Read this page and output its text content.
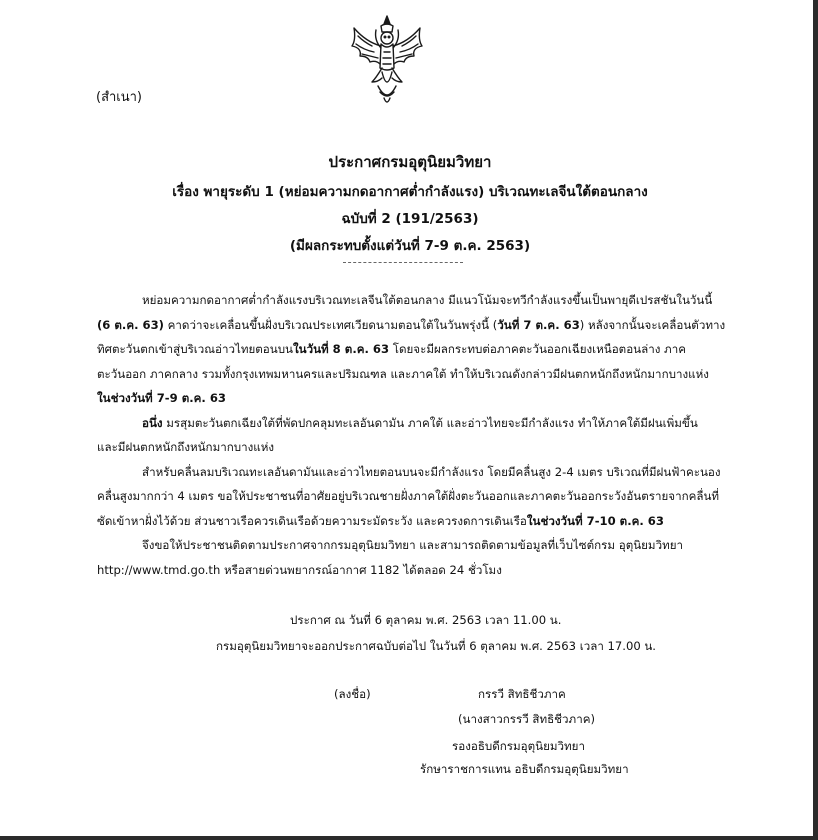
(สำเนา)
ประกาศกรมอุตุนิยมวิทยา
เรื่อง พายุระดับ 1 (หย่อมความกดอากาศต่ำกำลังแรง) บริเวณทะเลจีนใต้ตอนกลาง
ฉบับที่ 2 (191/2563)
(มีผลกระทบตั้งแต่วันที่ 7-9 ต.ค. 2563)

หย่อมความกดอากาศต่ำกำลังแรงบริเวณทะเลจีนใต้ตอนกลาง มีแนวโน้มจะทวีกำลังแรงขึ้นเป็นพายุดีเปรสชันในวันนี้
(6 ต.ค. 63) คาดว่าจะเคลื่อนขึ้นฝั่งบริเวณประเทศเวียดนามตอนใต้ในวันพรุ่งนี้ (วันที่ 7 ต.ค. 63) หลังจากนั้นจะเคลื่อนตัวทาง
ทิศตะวันตกเข้าสู่บริเวณอ่าวไทยตอนบนในวันที่ 8 ต.ค. 63 โดยจะมีผลกระทบต่อภาคตะวันออกเฉียงเหนือตอนล่าง ภาค
ตะวันออก ภาคกลาง รวมทั้งกรุงเทพมหานครและปริมณฑล และภาคใต้ ทำให้บริเวณดังกล่าวมีฝนตกหนักถึงหนักมากบางแห่ง
ในช่วงวันที่ 7-9 ต.ค. 63

อนึ่ง มรสุมตะวันตกเฉียงใต้ที่พัดปกคลุมทะเลอันดามัน ภาคใต้ และอ่าวไทยจะมีกำลังแรง ทำให้ภาคใต้มีฝนเพิ่มขึ้น
และมีฝนตกหนักถึงหนักมากบางแห่ง

สำหรับคลื่นลมบริเวณทะเลอันดามันและอ่าวไทยตอนบนจะมีกำลังแรง โดยมีคลื่นสูง 2-4 เมตร บริเวณที่มีฝนฟ้าคะนอง
คลื่นสูงมากกว่า 4 เมตร ขอให้ประชาชนที่อาศัยอยู่บริเวณชายฝั่งภาคใต้ฝั่งตะวันออกและภาคตะวันออกระวังอันตรายจากคลื่นที่
ซัดเข้าหาฝั่งไว้ด้วย ส่วนชาวเรือควรเดินเรือด้วยความระมัดระวัง และควรงดการเดินเรือในช่วงวันที่ 7-10 ต.ค. 63

จึงขอให้ประชาชนติดตามประกาศจากกรมอุตุนิยมวิทยา และสามารถติดตามข้อมูลที่เว็บไซต์กรม อุตุนิยมวิทยา
http://www.tmd.go.th หรือสายด่วนพยากรณ์อากาศ 1182 ได้ตลอด 24 ชั่วโมง

ประกาศ ณ วันที่ 6 ตุลาคม พ.ศ. 2563 เวลา 11.00 น.
กรมอุตุนิยมวิทยาจะออกประกาศฉบับต่อไป ในวันที่ 6 ตุลาคม พ.ศ. 2563 เวลา 17.00 น.
(ลงชื่อ)	กรรวี สิทธิชีวภาค
(นางสาวกรรวี สิทธิชีวภาค)
รองอธิบดีกรมอุตุนิยมวิทยา
รักษาราชการแทน อธิบดีกรมอุตุนิยมวิทยา
